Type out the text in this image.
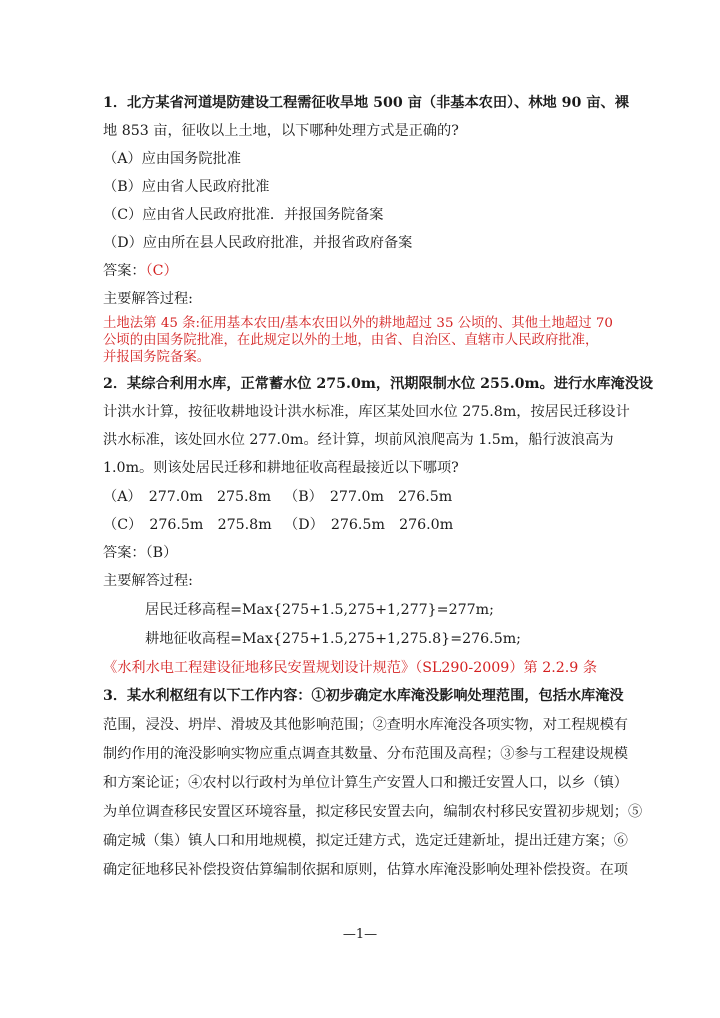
1．北方某省河道堤防建设工程需征收旱地 500 亩（非基本农田）、林地 90 亩、裸
地 853 亩，征收以上土地，以下哪种处理方式是正确的?
（A）应由国务院批准
（B）应由省人民政府批准
（C）应由省人民政府批准．并报国务院备案
（D）应由所在县人民政府批准，并报省政府备案
答案：（C）
主要解答过程:
土地法第 45 条:征用基本农田/基本农田以外的耕地超过 35 公顷的、其他土地超过 70
公顷的由国务院批准，在此规定以外的土地，由省、自治区、直辖市人民政府批准，
并报国务院备案。
2．某综合利用水库，正常蓄水位 275.0m，汛期限制水位 255.0m。进行水库淹没设
计洪水计算，按征收耕地设计洪水标准，库区某处回水位 275.8m，按居民迁移设计
洪水标准，该处回水位 277.0m。经计算，坝前风浪爬高为 1.5m，船行波浪高为
1.0m。则该处居民迁移和耕地征收高程最接近以下哪项?
（A）　277.0m　275.8m （B）　277.0m　276.5m
（C）　276.5m　275.8m （D）　276.5m　276.0m
答案：（B）
主要解答过程:
居民迁移高程=Max{275+1.5,275+1,277}=277m;
耕地征收高程=Max{275+1.5,275+1,275.8}=276.5m;
《水利水电工程建设征地移民安置规划设计规范》（SL290-2009）第 2.2.9 条
3．某水利枢纽有以下工作内容：①初步确定水库淹没影响处理范围，包括水库淹没
范围，浸没、坍岸、滑坡及其他影响范围；②查明水库淹没各项实物，对工程规模有
制约作用的淹没影响实物应重点调查其数量、分布范围及高程；③参与工程建设规模
和方案论证；④农村以行政村为单位计算生产安置人口和搬迁安置人口，以乡（镇）
为单位调查移民安置区环境容量，拟定移民安置去向，编制农村移民安置初步规划；⑤
确定城（集）镇人口和用地规模，拟定迁建方式，选定迁建新址，提出迁建方案；⑥
确定征地移民补偿投资估算编制依据和原则，估算水库淹没影响处理补偿投资。在项
—1—
